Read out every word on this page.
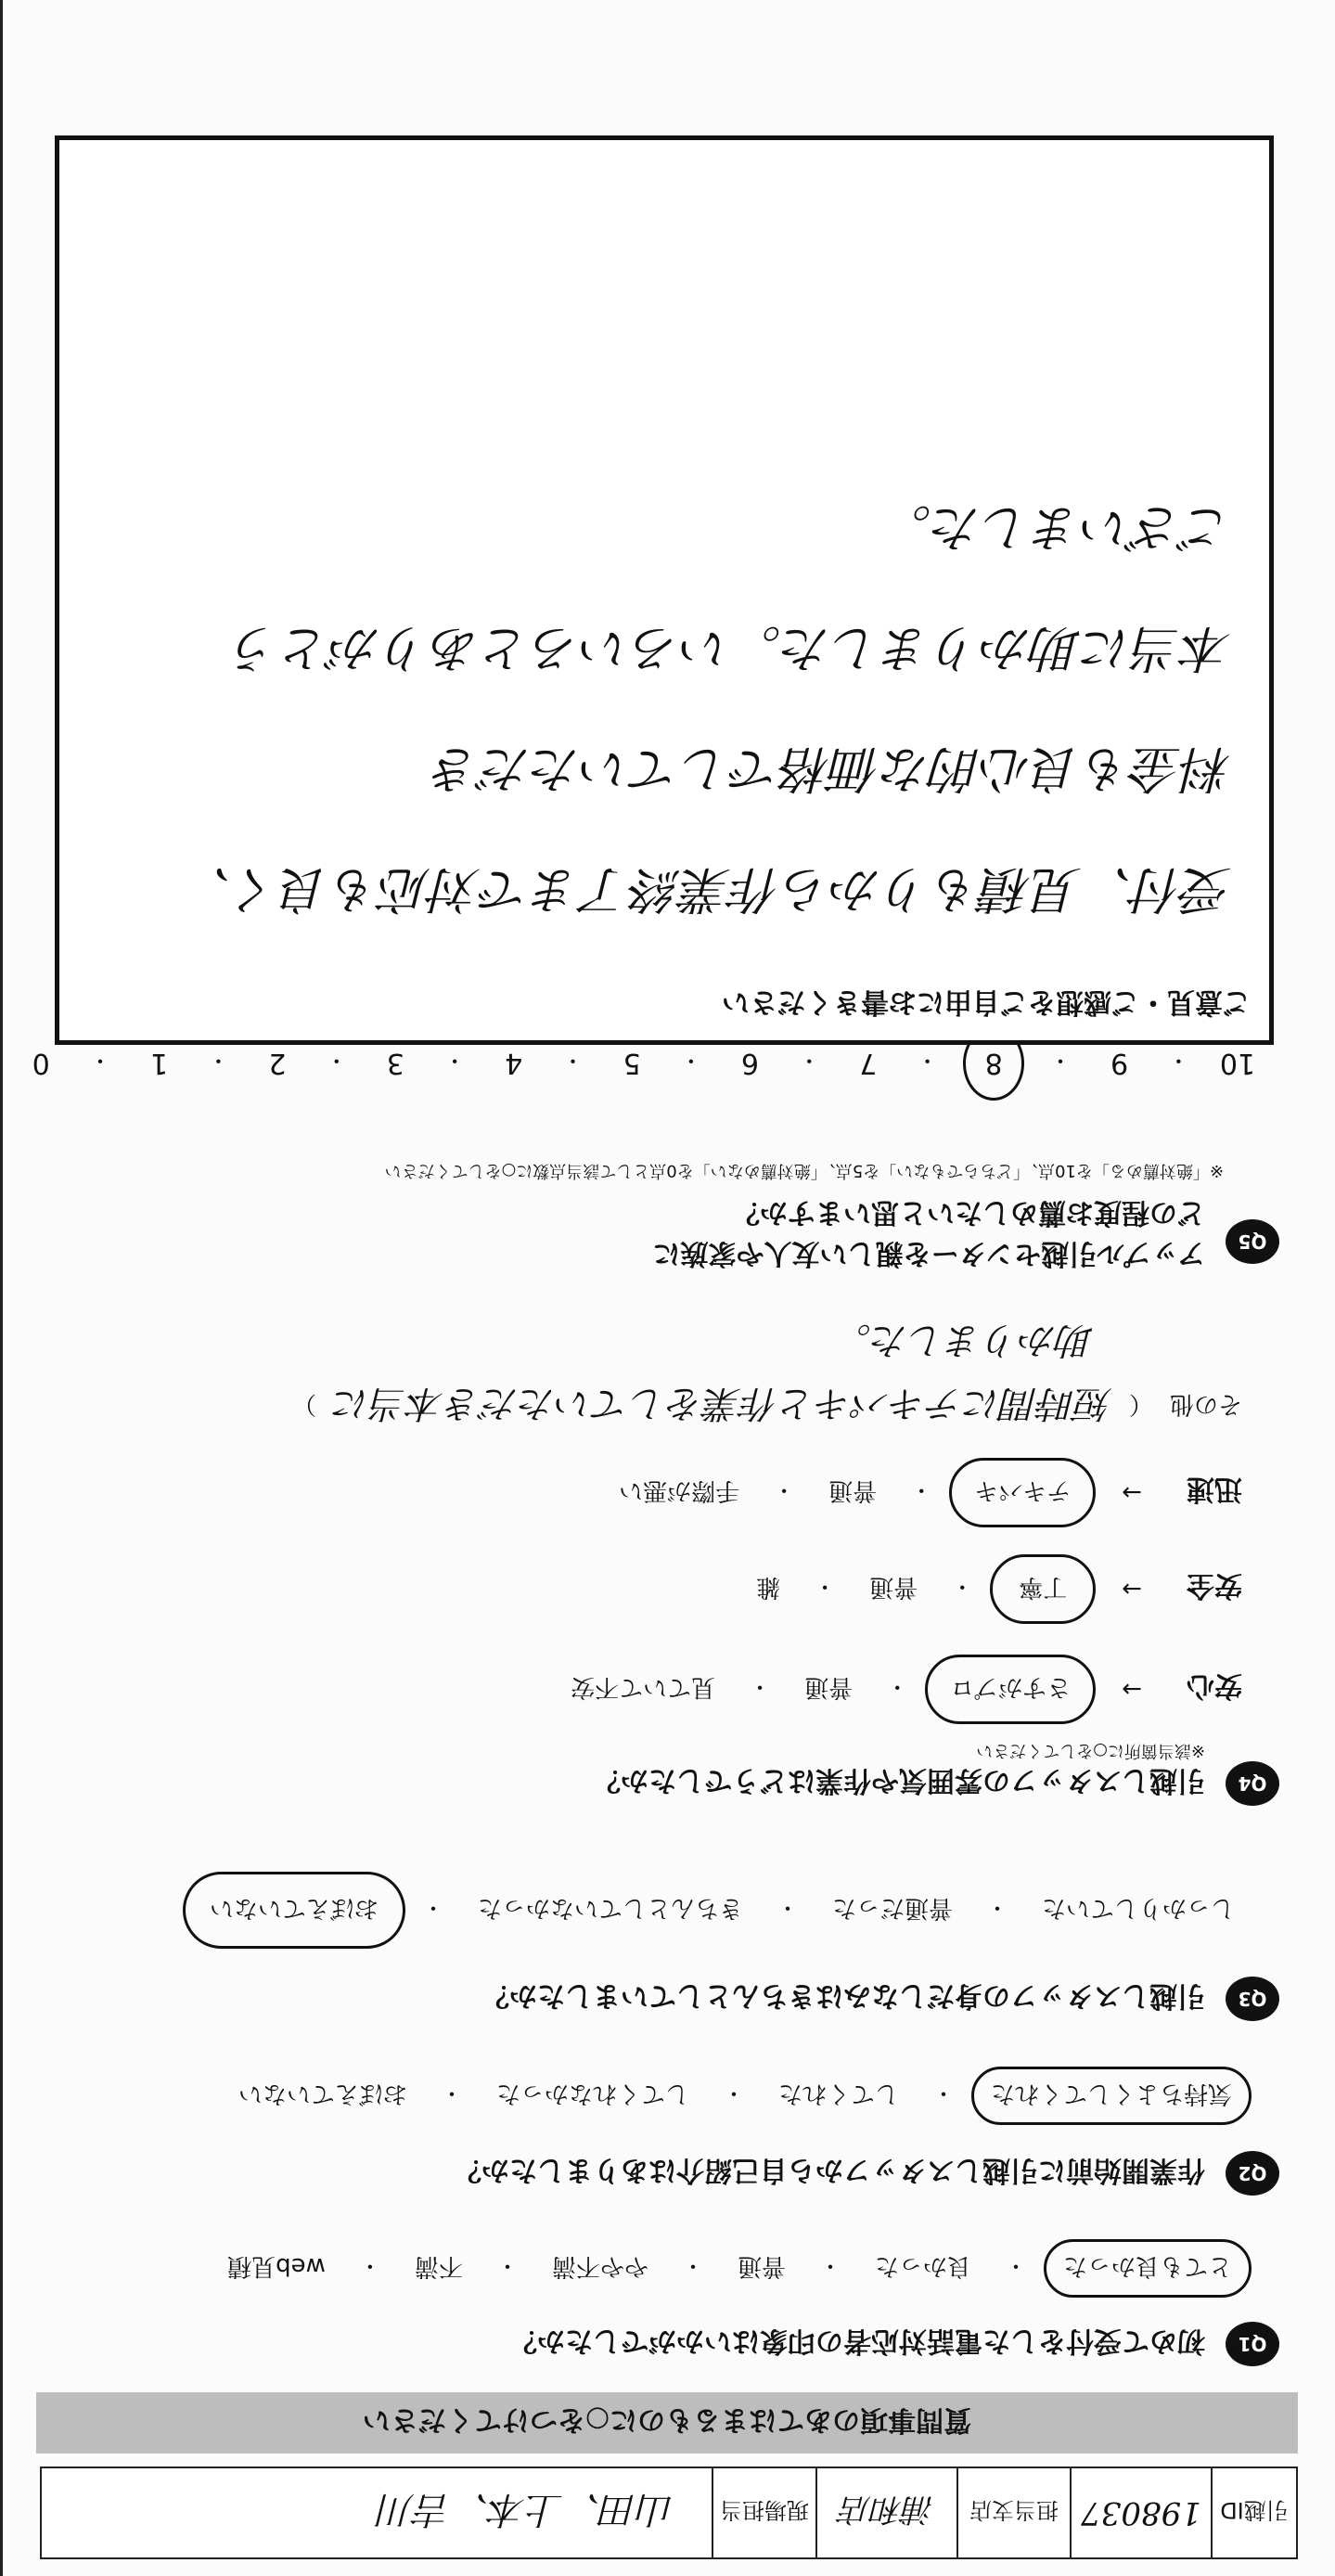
引越ID
198037
担当支店
浦和店
現場担当
山田、上本、吉川
質問事項のあてはまるものに○をつけてください
Q1
初めて受付をした電話対応者の印象はいかがでしたか？
とても良かった
・
良かった
・
普通
・
やや不満
・
不満
・
web見積
Q2
作業開始前に引越しスタッフから自己紹介はありましたか？
気持ちよくしてくれた
・
してくれた
・
してくれなかった
・
おぼえていない
Q3
引越しスタッフの身だしなみはきちんとしていましたか？
しっかりしていた
・
普通だった
・
きちんとしていなかった
・
おぼえていない
Q4
引越しスタッフの雰囲気や作業はどうでしたか？
※該当箇所に○をしてください
安心
→
さすがプロ
・
普通
・
見ていて不安
安全
→
丁寧
・
普通
・
雑
迅速
→
テキパキ
・
普通
・
手際が悪い
その他
（
短時間にテキパキと作業をしていただき本当に
）
助かりました。
Q5
アップル引越センターを親しい友人や家族に
どの程度お薦めしたいと思いますか？
※「絶対薦める」を10点、「どちらでもない」を5点、「絶対薦めない」を0点として該当点数に○をしてください
10
・
9
・
8
・
7
・
6
・
5
・
4
・
3
・
2
・
1
・
0
ご意見・ご感想をご自由にお書きください
受付、見積もりから作業終了まで対応も良く、
料金も良心的な価格でしていただき
本当に助かりました。いろいろとありがとう
ございました。
